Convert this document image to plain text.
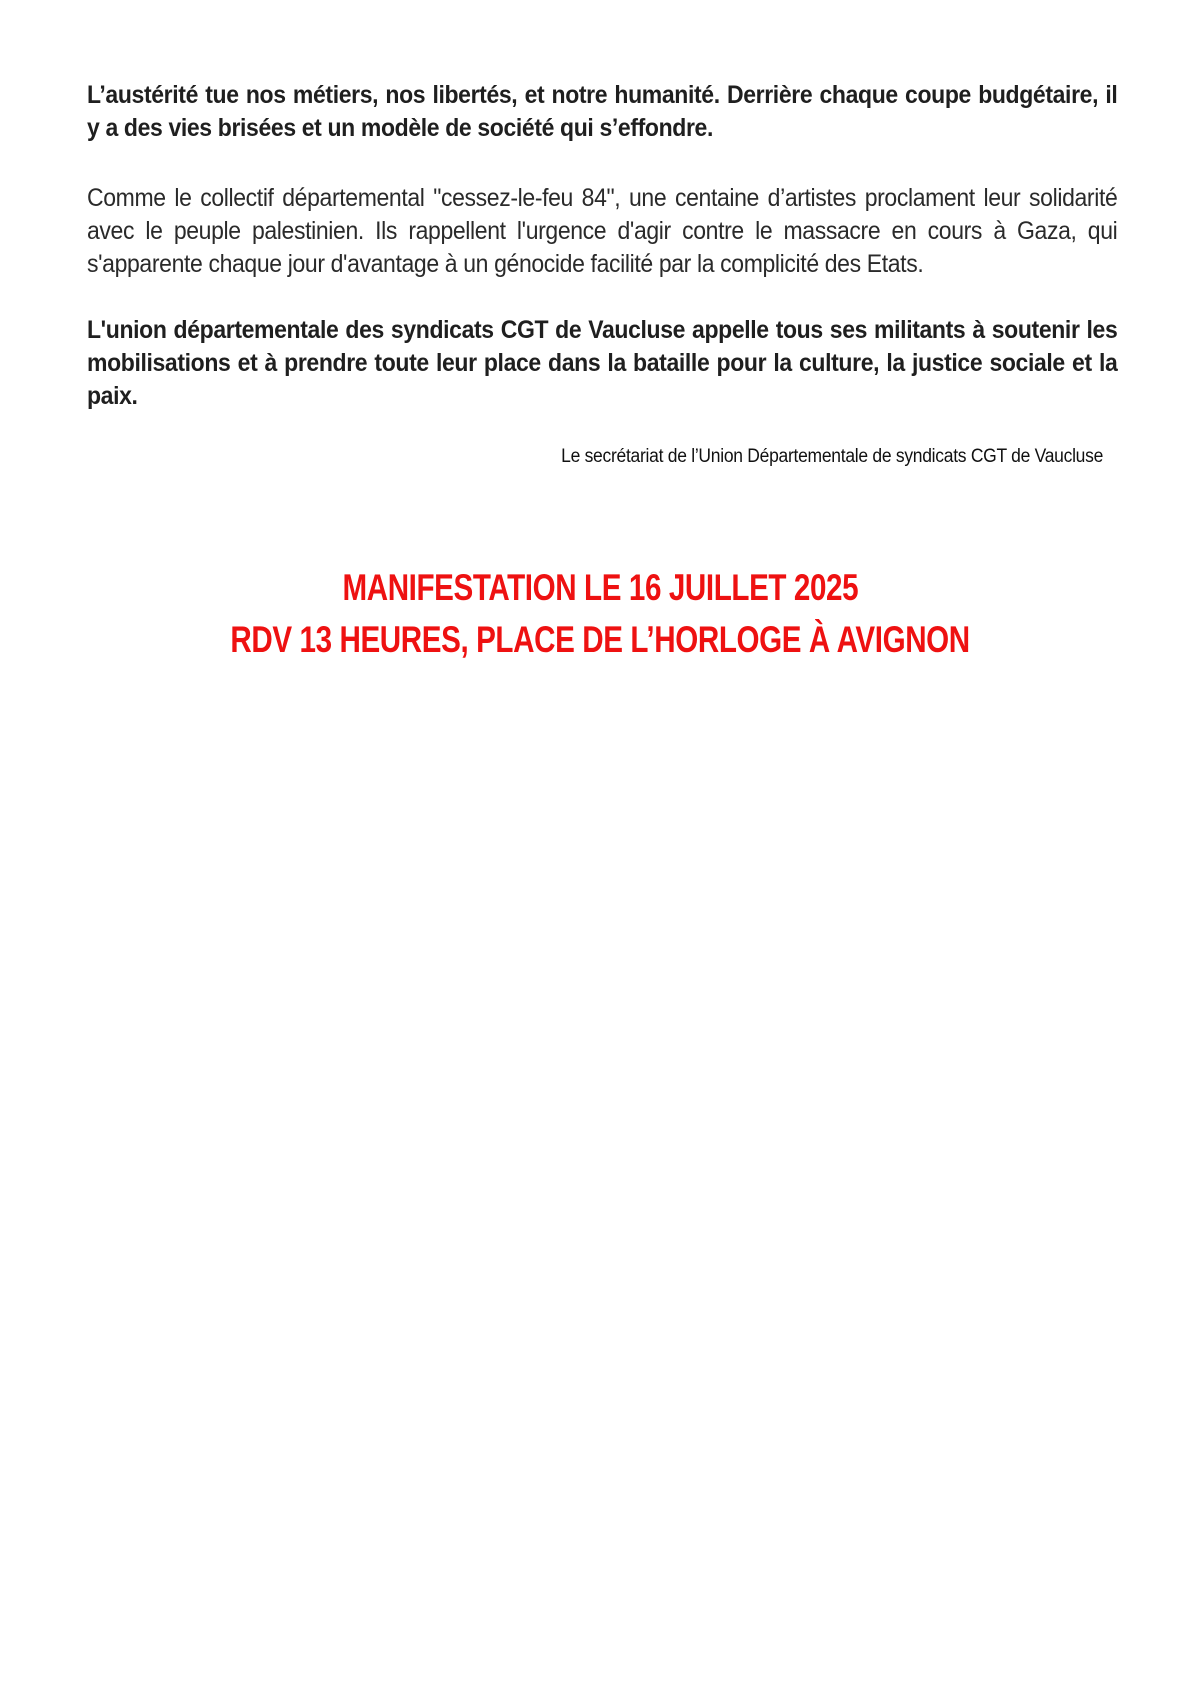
L’austérité tue nos métiers, nos libertés, et notre humanité. Derrière chaque coupe budgétaire, il y a des vies brisées et un modèle de société qui s’effondre.

Comme le collectif départemental "cessez-le-feu 84", une centaine d’artistes proclament leur solidarité avec le peuple palestinien. Ils rappellent l'urgence d'agir contre le massacre en cours à Gaza, qui s'apparente chaque jour d'avantage à un génocide facilité par la complicité des Etats.

L'union départementale des syndicats CGT de Vaucluse appelle tous ses militants à soutenir les mobilisations et à prendre toute leur place dans la bataille pour la culture, la justice sociale et la paix.

Le secrétariat de l’Union Départementale de syndicats CGT de Vaucluse
MANIFESTATION LE 16 JUILLET 2025
RDV 13 HEURES, PLACE DE L’HORLOGE À AVIGNON
